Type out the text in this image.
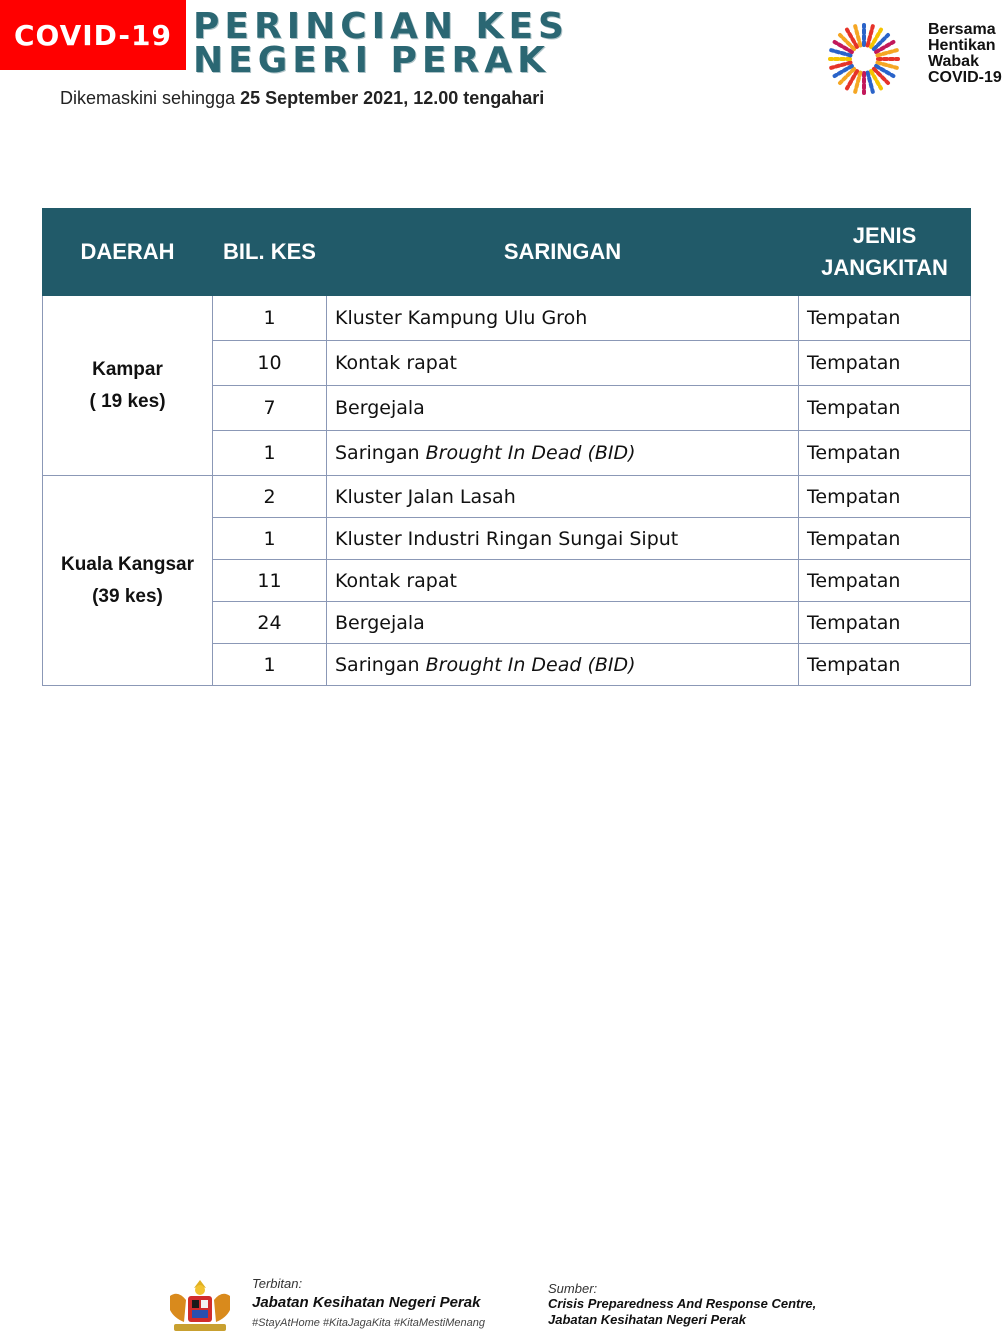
COVID-19 PERINCIAN KES
NEGERI PERAK
Dikemaskini sehingga 25 September 2021, 12.00 tengahari
Bersama
Hentikan
Wabak
COVID-19
DAERAH	BIL. KES	SARINGAN	JENIS
JANGKITAN

Kampar
( 19 kes)	1	Kluster Kampung Ulu Groh	Tempatan
	10	Kontak rapat	Tempatan
	7	Bergejala	Tempatan
	1	Saringan Brought In Dead (BID)	Tempatan

Kuala Kangsar
(39 kes)	2	Kluster Jalan Lasah	Tempatan
	1	Kluster Industri Ringan Sungai Siput	Tempatan
	11	Kontak rapat	Tempatan
	24	Bergejala	Tempatan
	1	Saringan Brought In Dead (BID)	Tempatan
Terbitan:
Jabatan Kesihatan Negeri Perak
#StayAtHome #KitaJagaKita #KitaMestiMenang
Sumber:
Crisis Preparedness And Response Centre,
Jabatan Kesihatan Negeri Perak
